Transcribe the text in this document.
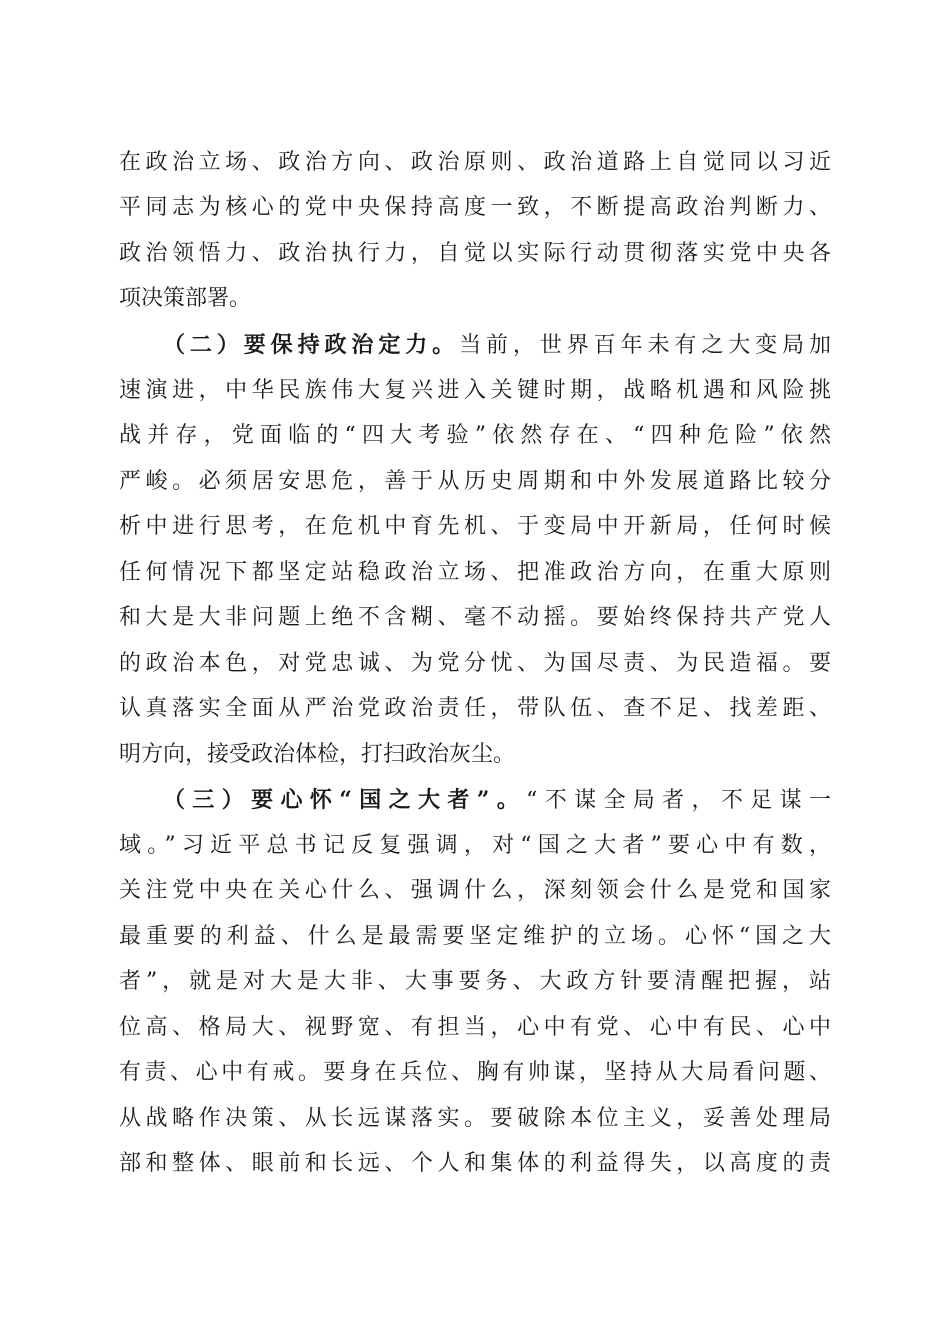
在政治立场、政治方向、政治原则、政治道路上自觉同以习近
平同志为核心的党中央保持高度一致，不断提高政治判断力、
政治领悟力、政治执行力，自觉以实际行动贯彻落实党中央各
项决策部署。
（二）要保持政治定力。当前，世界百年未有之大变局加
速演进，中华民族伟大复兴进入关键时期，战略机遇和风险挑
战并存，党面临的“四大考验”依然存在、“四种危险”依然
严峻。必须居安思危，善于从历史周期和中外发展道路比较分
析中进行思考，在危机中育先机、于变局中开新局，任何时候
任何情况下都坚定站稳政治立场、把准政治方向，在重大原则
和大是大非问题上绝不含糊、毫不动摇。要始终保持共产党人
的政治本色，对党忠诚、为党分忧、为国尽责、为民造福。要
认真落实全面从严治党政治责任，带队伍、查不足、找差距、
明方向，接受政治体检，打扫政治灰尘。
（三）要心怀“国之大者”。“不谋全局者，不足谋一
域。”习近平总书记反复强调，对“国之大者”要心中有数，
关注党中央在关心什么、强调什么，深刻领会什么是党和国家
最重要的利益、什么是最需要坚定维护的立场。心怀“国之大
者”，就是对大是大非、大事要务、大政方针要清醒把握，站
位高、格局大、视野宽、有担当，心中有党、心中有民、心中
有责、心中有戒。要身在兵位、胸有帅谋，坚持从大局看问题、
从战略作决策、从长远谋落实。要破除本位主义，妥善处理局
部和整体、眼前和长远、个人和集体的利益得失，以高度的责
